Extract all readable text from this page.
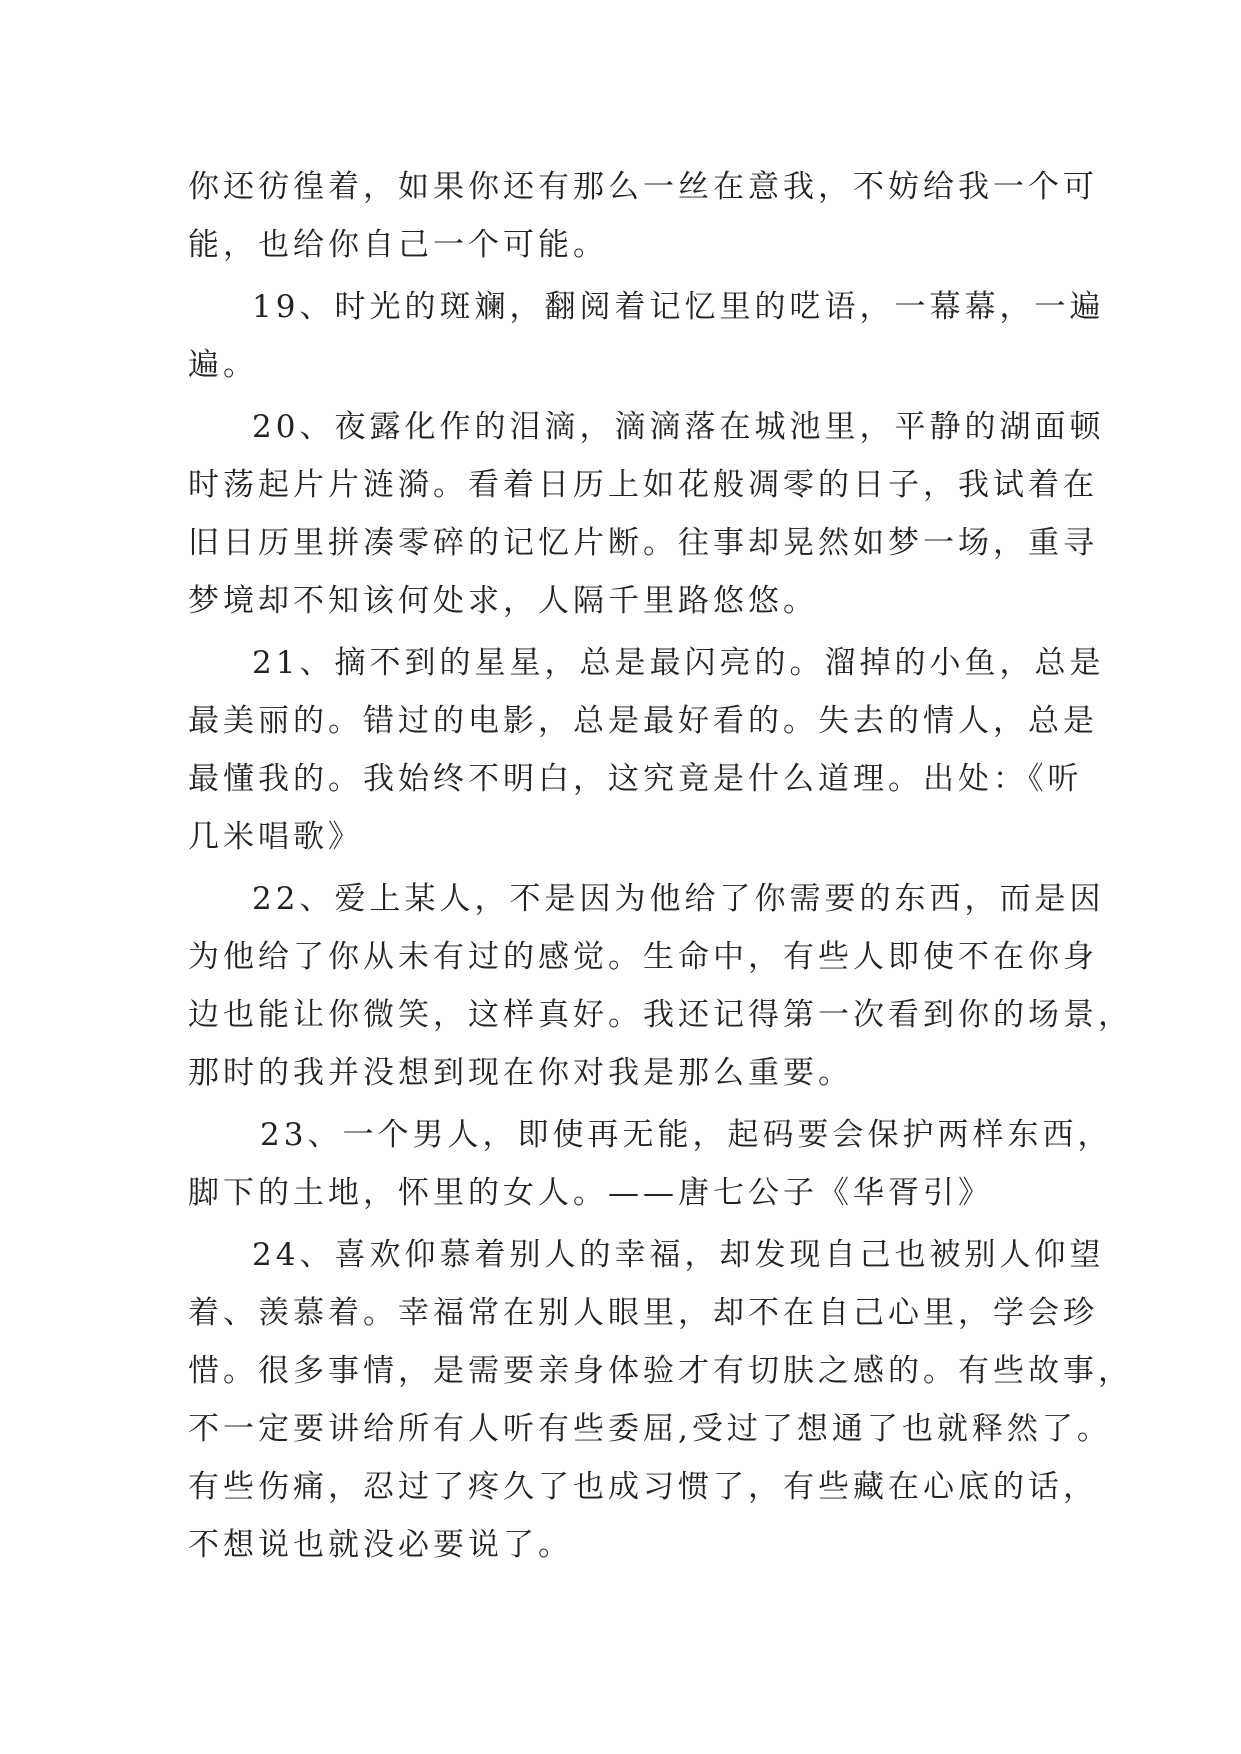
你还彷徨着，如果你还有那么一丝在意我，不妨给我一个可
能，也给你自己一个可能。
19、时光的斑斓，翻阅着记忆里的呓语，一幕幕，一遍
遍。
20、夜露化作的泪滴，滴滴落在城池里，平静的湖面顿
时荡起片片涟漪。看着日历上如花般凋零的日子，我试着在
旧日历里拼凑零碎的记忆片断。往事却晃然如梦一场，重寻
梦境却不知该何处求，人隔千里路悠悠。
21、摘不到的星星，总是最闪亮的。溜掉的小鱼，总是
最美丽的。错过的电影，总是最好看的。失去的情人，总是
最懂我的。我始终不明白，这究竟是什么道理。出处：《听
几米唱歌》
22、爱上某人，不是因为他给了你需要的东西，而是因
为他给了你从未有过的感觉。生命中，有些人即使不在你身
边也能让你微笑，这样真好。我还记得第一次看到你的场景，
那时的我并没想到现在你对我是那么重要。
23、一个男人，即使再无能，起码要会保护两样东西，
脚下的土地，怀里的女人。——唐七公子《华胥引》
24、喜欢仰慕着别人的幸福，却发现自己也被别人仰望
着、羡慕着。幸福常在别人眼里，却不在自己心里，学会珍
惜。很多事情，是需要亲身体验才有切肤之感的。有些故事，
不一定要讲给所有人听有些委屈,受过了想通了也就释然了。
有些伤痛，忍过了疼久了也成习惯了，有些藏在心底的话，
不想说也就没必要说了。
